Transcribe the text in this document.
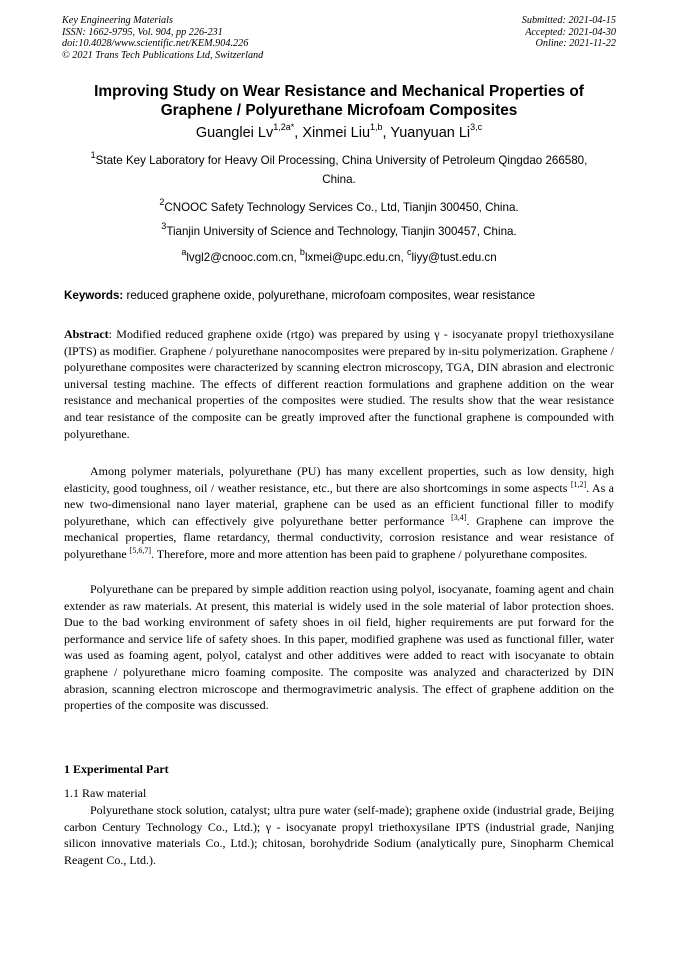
Key Engineering Materials
ISSN: 1662-9795, Vol. 904, pp 226-231
doi:10.4028/www.scientific.net/KEM.904.226
© 2021 Trans Tech Publications Ltd, Switzerland
Submitted: 2021-04-15
Accepted: 2021-04-30
Online: 2021-11-22
Improving Study on Wear Resistance and Mechanical Properties of
Graphene / Polyurethane Microfoam Composites
Guanglei $Lv^{1,2a*}$, Xinmei Liu$^{1,b}$, Yuanyuan Li$^{3,c}$
$^1$State Key Laboratory for Heavy Oil Processing, China University of Petroleum Qingdao 266580,
China.
$^2$CNOOC Safety Technology Services Co., Ltd, Tianjin 300450, China.
$^3$Tianjin University of Science and Technology, Tianjin 300457, China.
$^a$lvgl2@cnooc.com.cn, $^b$lxmei@upc.edu.cn, $^c$liyy@tust.edu.cn
Keywords: reduced graphene oxide, polyurethane, microfoam composites, wear resistance

Abstract: Modified reduced graphene oxide (rtgo) was prepared by using γ - isocyanate propyl triethoxysilane (IPTS) as modifier. Graphene / polyurethane nanocomposites were prepared by in-situ polymerization. Graphene / polyurethane composites were characterized by scanning electron microscopy, TGA, DIN abrasion and electronic universal testing machine. The effects of different reaction formulations and graphene addition on the wear resistance and mechanical properties of the composites were studied. The results show that the wear resistance and tear resistance of the composite can be greatly improved after the functional graphene is compounded with polyurethane.

Among polymer materials, polyurethane (PU) has many excellent properties, such as low density, high elasticity, good toughness, oil / weather resistance, etc., but there are also shortcomings in some aspects [1,2]. As a new two-dimensional nano layer material, graphene can be used as an efficient functional filler to modify polyurethane, which can effectively give polyurethane better performance [3,4]. Graphene can improve the mechanical properties, flame retardancy, thermal conductivity, corrosion resistance and wear resistance of polyurethane [5,6,7]. Therefore, more and more attention has been paid to graphene / polyurethane composites.

Polyurethane can be prepared by simple addition reaction using polyol, isocyanate, foaming agent and chain extender as raw materials. At present, this material is widely used in the sole material of labor protection shoes. Due to the bad working environment of safety shoes in oil field, higher requirements are put forward for the performance and service life of safety shoes. In this paper, modified graphene was used as functional filler, water was used as foaming agent, polyol, catalyst and other additives were added to react with isocyanate to obtain graphene / polyurethane micro foaming composite. The composite was analyzed and characterized by DIN abrasion, scanning electron microscope and thermogravimetric analysis. The effect of graphene addition on the properties of the composite was discussed.

1 Experimental Part
1.1 Raw material

Polyurethane stock solution, catalyst; ultra pure water (self-made); graphene oxide (industrial grade, Beijing carbon Century Technology Co., Ltd.); γ - isocyanate propyl triethoxysilane IPTS (industrial grade, Nanjing silicon innovative materials Co., Ltd.); chitosan, borohydride Sodium (analytically pure, Sinopharm Chemical Reagent Co., Ltd.).
